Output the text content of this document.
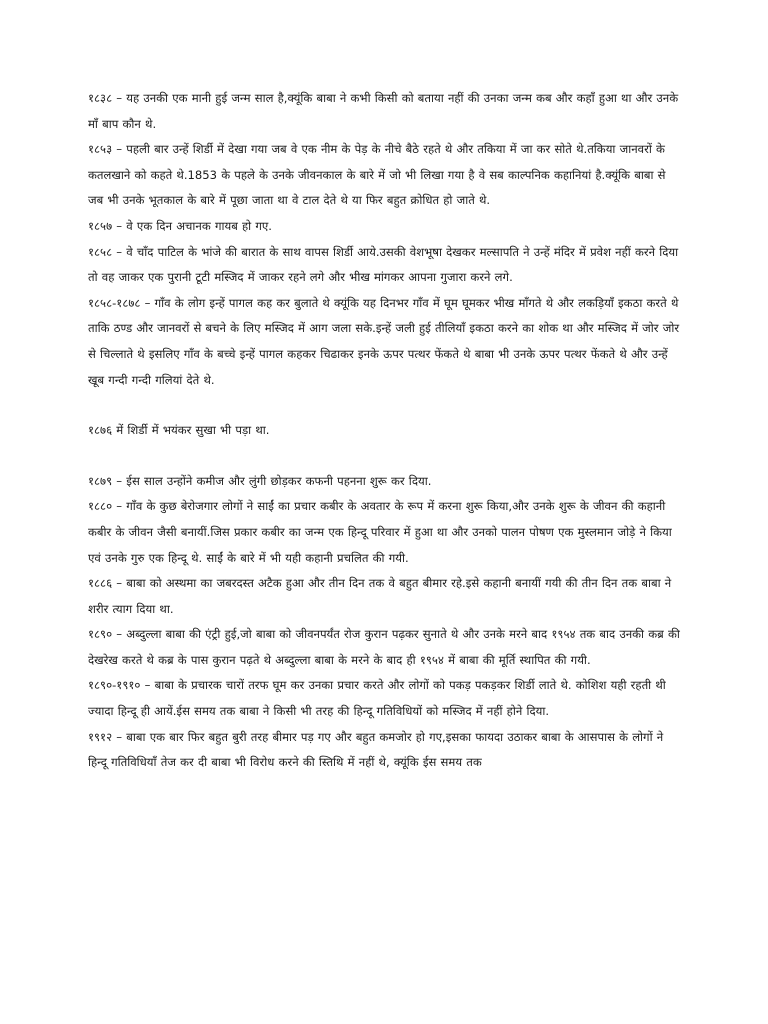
१८३८ – यह उनकी एक मानी हुई जन्म साल है,क्यूंकि बाबा ने कभी किसी को बताया नहीं की उनका जन्म कब और कहाँ हुआ था और उनके माँ बाप कौन थे.

१८५३ – पहली बार उन्हें शिर्डी में देखा गया जब वे एक नीम के पेड़ के नीचे बैठे रहते थे और तकिया में जा कर सोते थे.तकिया जानवरों के कतलखाने को कहते थे.1853 के पहले के उनके जीवनकाल के बारे में जो भी लिखा गया है वे सब काल्पनिक कहानियां है.क्यूंकि बाबा से जब भी उनके भूतकाल के बारे में पूछा जाता था वे टाल देते थे या फिर बहुत क्रोधित हो जाते थे.

१८५७ – वे एक दिन अचानक गायब हो गए.

१८५८ – वे चाँद पाटिल के भांजे की बारात के साथ वापस शिर्डी आये.उसकी वेशभूषा देखकर मल्सापति ने उन्हें मंदिर में प्रवेश नहीं करने दिया तो वह जाकर एक पुरानी टूटी मस्जिद में जाकर रहने लगे और भीख मांगकर आपना गुजारा करने लगे.

१८५८-१८७८ – गाँव के लोग इन्हें पागल कह कर बुलाते थे क्यूंकि यह दिनभर गाँव में घूम घूमकर भीख माँगते थे और लकड़ियाँ इकठा करते थे ताकि ठण्ड और जानवरों से बचने के लिए मस्जिद में आग जला सके.इन्हें जली हुई तीलियाँ इकठा करने का शोक था और मस्जिद में जोर जोर से चिल्लाते थे इसलिए गाँव के बच्चे इन्हें पागल कहकर चिढाकर इनके ऊपर पत्थर फेंकते थे बाबा भी उनके ऊपर पत्थर फेंकते थे और उन्हें खूब गन्दी गन्दी गलियां देते थे.

१८७६ में शिर्डी में भयंकर सुखा भी पड़ा था.

१८७९ – ईस साल उन्होंने कमीज और लुंगी छोड़कर कफनी पहनना शुरू कर दिया.

१८८० – गाँव के कुछ बेरोजगार लोगों ने साईं का प्रचार कबीर के अवतार के रूप में करना शुरू किया,और उनके शुरू के जीवन की कहानी कबीर के जीवन जैसी बनायीं.जिस प्रकार कबीर का जन्म एक हिन्दू परिवार में हुआ था और उनको पालन पोषण एक मुस्लमान जोड़े ने किया एवं उनके गुरु एक हिन्दू थे. साईं के बारे में भी यही कहानी प्रचलित की गयी.

१८८६ – बाबा को अस्थमा का जबरदस्त अटैक हुआ और तीन दिन तक वे बहुत बीमार रहे.इसे कहानी बनायीं गयी की तीन दिन तक बाबा ने शरीर त्याग दिया था.

१८९० – अब्दुल्ला बाबा की एंट्री हुई,जो बाबा को जीवनपर्यंत रोज कुरान पढ़कर सुनाते थे और उनके मरने बाद १९५४ तक बाद उनकी कब्र की देखरेख करते थे कब्र के पास कुरान पढ़ते थे अब्दुल्ला बाबा के मरने के बाद ही १९५४ में बाबा की मूर्ति स्थापित की गयी.

१८९०-१९१० – बाबा के प्रचारक चारों तरफ घूम कर उनका प्रचार करते और लोगों को पकड़ पकड़कर शिर्डी लाते थे. कोशिश यही रहती थी ज्यादा हिन्दू ही आयें.ईस समय तक बाबा ने किसी भी तरह की हिन्दू गतिविधियों को मस्जिद में नहीं होने दिया.

१९१२ – बाबा एक बार फिर बहुत बुरी तरह बीमार पड़ गए और बहुत कमजोर हो गए,इसका फायदा उठाकर बाबा के आसपास के लोगों ने हिन्दू गतिविधियाँ तेज कर दी बाबा भी विरोध करने की स्तिथि में नहीं थे, क्यूंकि ईस समय तक
